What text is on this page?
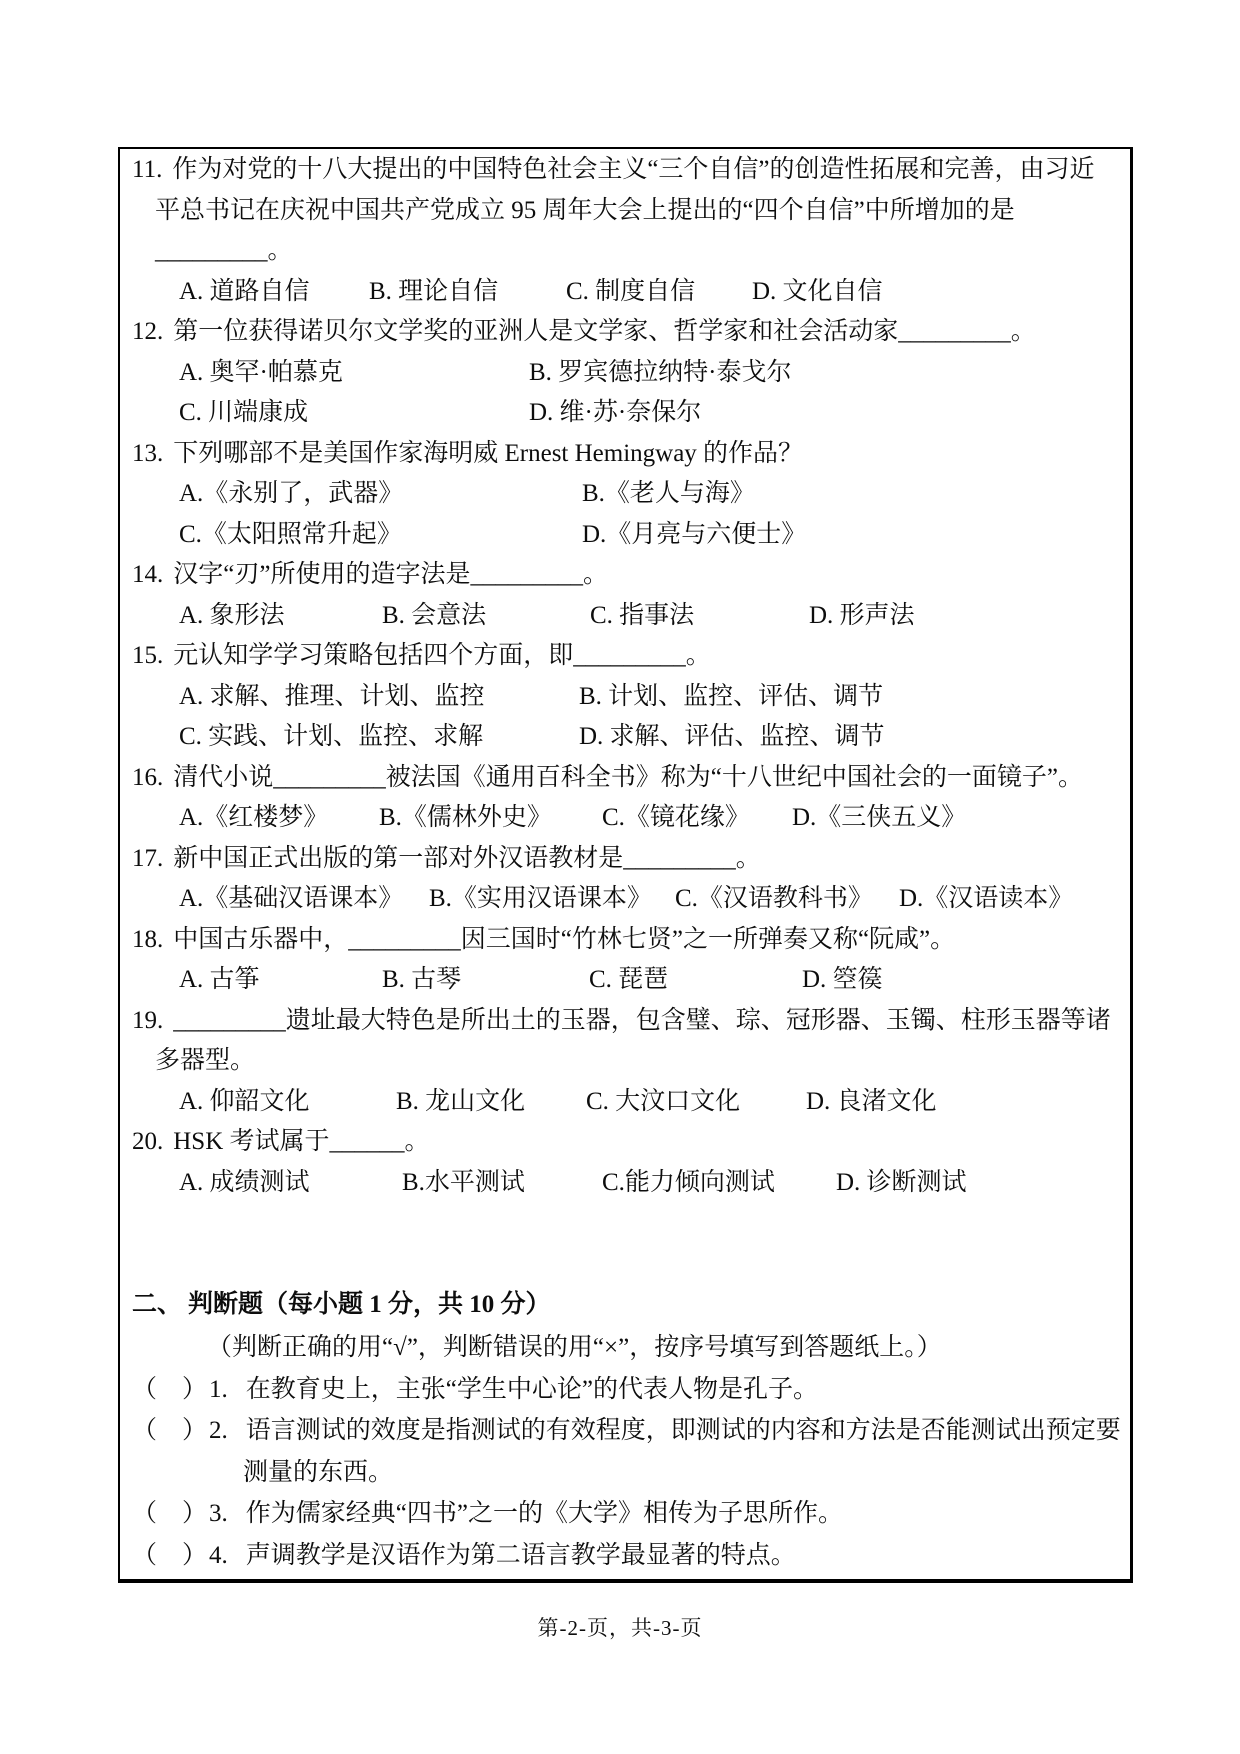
11. 作为对党的十八大提出的中国特色社会主义“三个自信”的创造性拓展和完善，由习近
平总书记在庆祝中国共产党成立 95 周年大会上提出的“四个自信”中所增加的是
_________。
A. 道路自信	B. 理论自信	C. 制度自信	D. 文化自信
12. 第一位获得诺贝尔文学奖的亚洲人是文学家、哲学家和社会活动家_________。
A. 奥罕·帕慕克	B. 罗宾德拉纳特·泰戈尔
C. 川端康成	D. 维·苏·奈保尔
13. 下列哪部不是美国作家海明威 Ernest Hemingway 的作品？
A.《永别了，武器》	B.《老人与海》
C.《太阳照常升起》	D.《月亮与六便士》
14. 汉字“刃”所使用的造字法是_________。
A. 象形法	B. 会意法	C. 指事法	D. 形声法
15. 元认知学学习策略包括四个方面，即_________。
A. 求解、推理、计划、监控	B. 计划、监控、评估、调节
C. 实践、计划、监控、求解	D. 求解、评估、监控、调节
16. 清代小说_________被法国《通用百科全书》称为“十八世纪中国社会的一面镜子”。
A.《红楼梦》	B.《儒林外史》	C.《镜花缘》	D.《三侠五义》
17. 新中国正式出版的第一部对外汉语教材是_________。
A.《基础汉语课本》	B.《实用汉语课本》 C.《汉语教科书》	D.《汉语读本》
18. 中国古乐器中，_________因三国时“竹林七贤”之一所弹奏又称“阮咸”。
A. 古筝	B. 古琴	C. 琵琶	D. 箜篌
19. _________遗址最大特色是所出土的玉器，包含璧、琮、冠形器、玉镯、柱形玉器等诸
多器型。
A. 仰韶文化	B. 龙山文化	C. 大汶口文化	D. 良渚文化
20. HSK 考试属于______。
A. 成绩测试	B.水平测试	C.能力倾向测试	D. 诊断测试
二、 判断题（每小题 1 分，共 10 分）
（判断正确的用“√”，判断错误的用“×”，按序号填写到答题纸上。）
（　）1. 在教育史上，主张“学生中心论”的代表人物是孔子。
（　）2. 语言测试的效度是指测试的有效程度，即测试的内容和方法是否能测试出预定要
测量的东西。
（　）3. 作为儒家经典“四书”之一的《大学》相传为子思所作。
（　）4. 声调教学是汉语作为第二语言教学最显著的特点。
第-2-页，共-3-页
